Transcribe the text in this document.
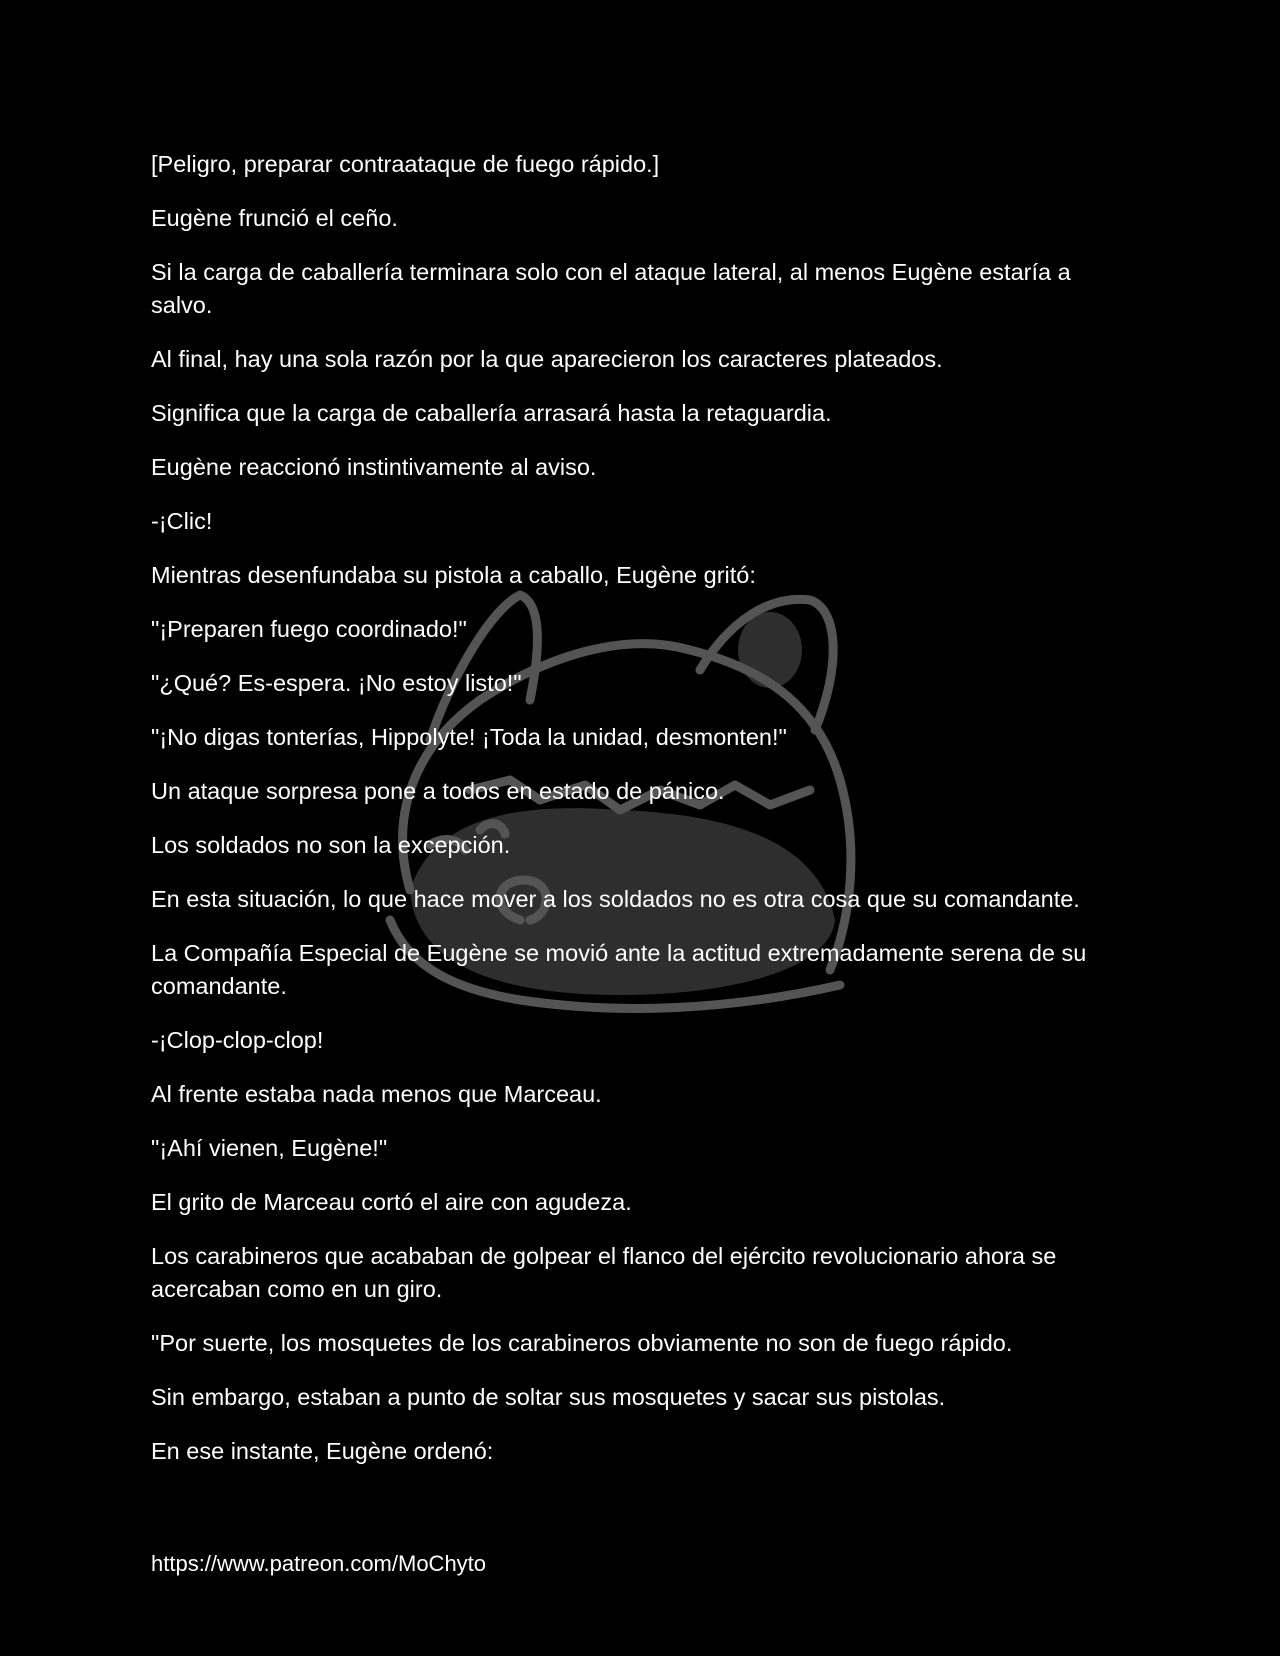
[Peligro, preparar contraataque de fuego rápido.]

Eugène frunció el ceño.

Si la carga de caballería terminara solo con el ataque lateral, al menos Eugène estaría a salvo.

Al final, hay una sola razón por la que aparecieron los caracteres plateados.

Significa que la carga de caballería arrasará hasta la retaguardia.

Eugène reaccionó instintivamente al aviso.

-¡Clic!

Mientras desenfundaba su pistola a caballo, Eugène gritó:

"¡Preparen fuego coordinado!"

"¿Qué? Es-espera. ¡No estoy listo!"

"¡No digas tonterías, Hippolyte! ¡Toda la unidad, desmonten!"

Un ataque sorpresa pone a todos en estado de pánico.

Los soldados no son la excepción.

En esta situación, lo que hace mover a los soldados no es otra cosa que su comandante.

La Compañía Especial de Eugène se movió ante la actitud extremadamente serena de su comandante.

-¡Clop-clop-clop!

Al frente estaba nada menos que Marceau.

"¡Ahí vienen, Eugène!"

El grito de Marceau cortó el aire con agudeza.

Los carabineros que acababan de golpear el flanco del ejército revolucionario ahora se acercaban como en un giro.

"Por suerte, los mosquetes de los carabineros obviamente no son de fuego rápido.

Sin embargo, estaban a punto de soltar sus mosquetes y sacar sus pistolas.

En ese instante, Eugène ordenó:

https://www.patreon.com/MoChyto
